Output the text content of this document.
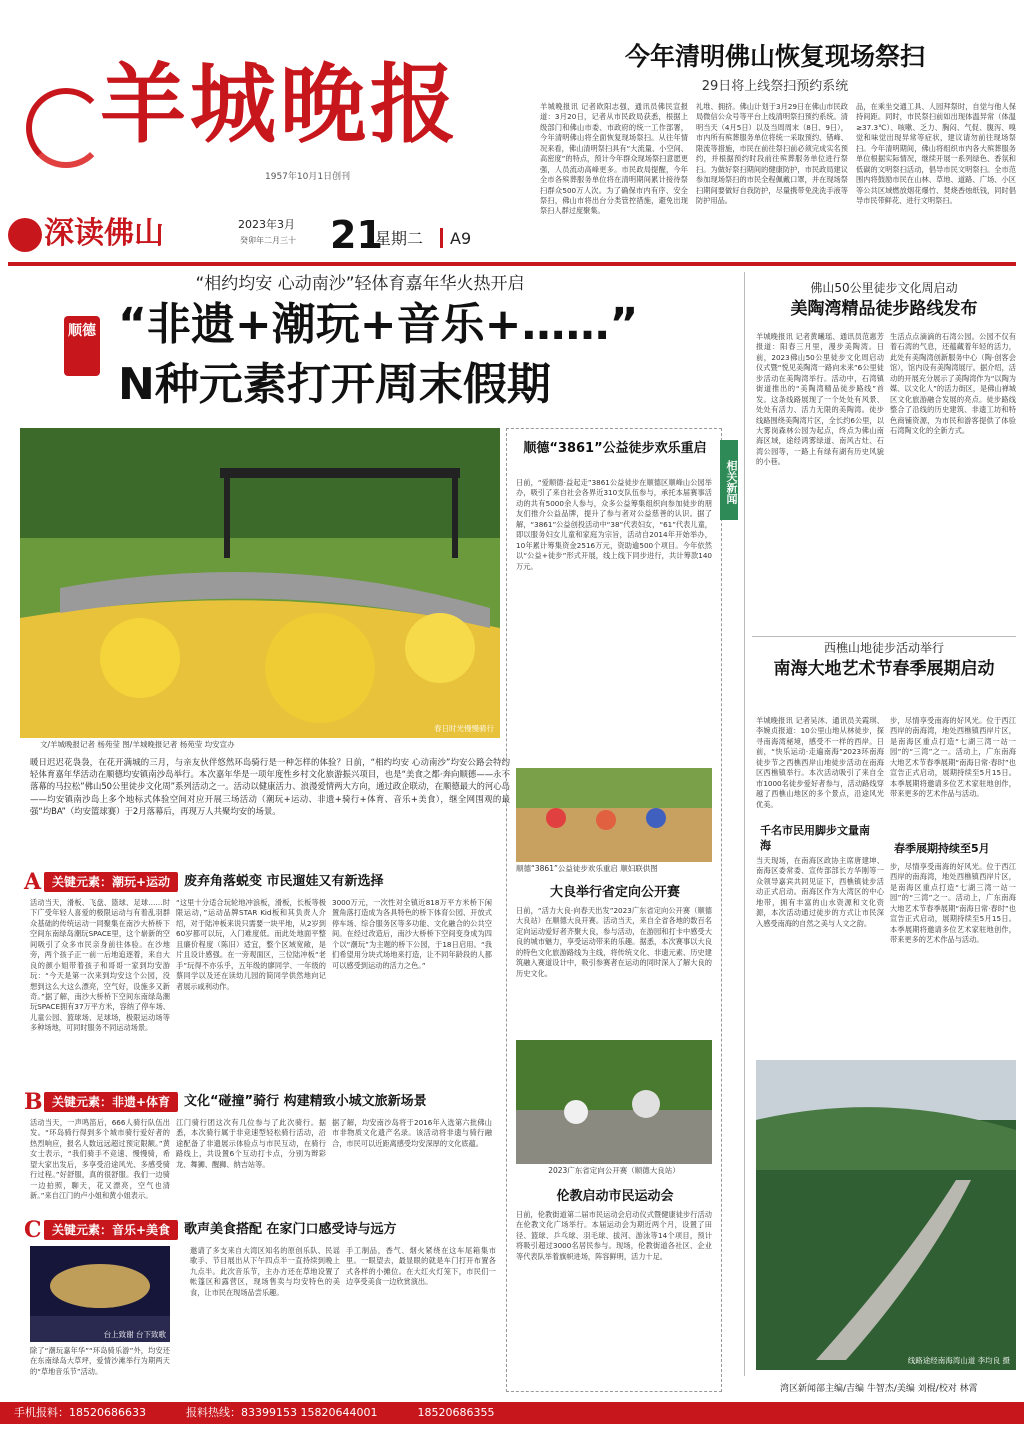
羊城晚报
1957年10月1日创刊
今年清明佛山恢复现场祭扫
29日将上线祭扫预约系统
羊城晚报讯 记者欧阳志强，通讯员佛民宣报道：3月20日，记者从市民政局获悉，根据上级部门和佛山市委、市政府的统一工作部署，今年清明佛山将全面恢复现场祭扫。从往年情况来看，佛山清明祭扫具有“大流量、小空间、高密度”的特点，预计今年群众现场祭扫意愿更强，人员流动高峰更多。市民政局提醒，今年全市各殡葬服务单位将在清明期间累计接待祭扫群众500万人次。为了确保市内有序、安全祭扫，佛山市将出台分类管控措施，避免出现祭扫人群过度聚集。
礼堆、拥挤。佛山计划于3月29日在佛山市民政局微信公众号等平台上线清明祭扫预约系统。清明当天（4月5日）以及当周周末（8日、9日），市内所有殡葬服务单位将统一采取预约、错峰、限流等措施，市民在前往祭扫前必须完成实名预约，并根据预约时段前往殡葬服务单位进行祭扫。为做好祭扫期间的健康防护，市民政局建议参加现场祭扫的市民全程佩戴口罩，并在现场祭扫期间要做好自我防护，尽量携带免洗洗手液等防护用品。
品，在乘坐交通工具、人园拜祭时，自觉与他人保持间距。同时，市民祭扫前如出现体温异常（体温≥37.3℃）、咳嗽、乏力、胸闷、气促、腹泻、嗅觉和味觉出现异常等症状，建议请勿前往现场祭扫。今年清明期间，佛山将组织市内各大殡葬服务单位根据实际情况，继续开展一系列绿色、香氛和低碳的文明祭扫活动，倡导市民文明祭扫。全市范围内将鼓励市民在山林、草地、道路、广场、小区等公共区域燃放烟花爆竹、焚烧香烛纸钱，同时倡导市民带鲜花、进行文明祭扫。
深读佛山	2023年3月
癸卯年二月三十 21
星期二 A9
“相约均安 心动南沙”轻体育嘉年华火热开启
顺德 “非遗+潮玩+音乐+……”
N种元素打开周末假期
春日时光慢慢骑行
文/羊城晚报记者 杨苑莹 图/羊城晚报记者 杨苑莹 均安宣办
暖日迟迟花袅袅，在花开满城的三月，与亲友伙伴悠然环岛骑行是一种怎样的体验？日前，“相约均安 心动南沙”均安公路会特约轻体育嘉年华活动在顺德均安镇南沙岛举行。本次嘉年华是一项年度性乡村文化旅游振兴项目，也是“美食之都·奔向顺德——永不落幕的马拉松”佛山50公里徒步文化周”系列活动之一。活动以健康活力、浪漫爱情两大方向，通过政企联动，在顺德最大的河心岛——均安镇南沙岛上多个地标式体验空间对应开展三场活动（潮玩+运动、非遗+骑行+体育、音乐+美食），继全网围观的最强“均BA”（均安篮球赛）于2月落幕后，再现万人共聚均安的场景。
A 关键元素：潮玩+运动	废弃角落蜕变 市民遛娃又有新选择
活动当天，滑板、飞盘、篮球、足球……时下广受年轻人喜爱的极限运动与有着乱羽群众基础的传统运动一同聚集在南沙大桥桥下空间东南绿岛潮玩SPACE里，这个崭新的空间吸引了众多市民亲身前往体验。在沙地旁，两个孩子正一前一后地追逐着，来自大良的颜小姐带着孩子和哥哥一家到均安游玩：“今天是第一次来到均安这个公园，没想到这么大这么漂亮，空气好，设施多又新奇。”据了解，南沙大桥桥下空间东南绿岛潮玩SPACE拥有37万平方米，容纳了停车场、儿童公园、篮球场、足球场，极限运动场等多种场地，可同时服务不同运动场景。
“这里十分适合玩轮地冲浪板，滑板，长板等极限运动，”运动品牌STAR Kid板和其负责人介绍，对于陆冲板来说只需要一块平地，从2岁到60岁都可以玩，入门难度低。而此处地面平整且廉价程度（陈旧）适宜，整个区域宽敞，是片且设计感强。在一旁观面区，三位陆冲板“老手”玩得不亦乐乎，五年级的廖同学、一年级的蔡同学以及还在读幼儿园的简同学供然地向记者展示咸利动作。
3000万元，一次性对全镇近818万平方米桥下闲置角落打造成为各具特色的桥下体育公园、开放式停车场、综合服务区等多功能、文化融合的公共空间。在经过改造后，南沙大桥桥下空间变身成为四个以“潮玩”为主题的桥下公园，于18日启用。“我们希望用分块式场地来打造，让不同年龄段的人都可以感受到运动的活力之色。”
B 关键元素：非遗+体育	文化“碰撞”骑行 构建精致小城文旅新场景
活动当天，一声鸣笛后，666人骑行队伍出发。“环岛骑行得到多个城市骑行爱好者的热烈响应，报名人数远远超过预定限额。”黄女士表示，“我们骑手不竞速、慢慢骑，希望大家出发后，多享受沿途风光、多感受骑行过程。”好舒服，真的很舒服。我们一边骑一边拍照，聊天，花又漂亮，空气也清新。”来自江门的卢小姐和黄小姐表示。
江门骑行团这次有几位参与了此次骑行。据悉，本次骑行属于非竞速型轻松骑行活动，沿途配备了非遗展示体验点与市民互动，在骑行路线上，共设置6个互动打卡点，分别为辫彩龙、舞狮、醒狮、纳吉站等。
据了解，均安南沙岛将于2016年入选第六批佛山市非物质文化遗产名录。该活动将非遗与骑行融合，市民可以近距离感受均安深厚的文化底蕴。
C 关键元素：音乐+美食	歌声美食搭配 在家门口感受诗与远方
台上致谢 台下致歌
除了“潮玩嘉年华”“环岛骑乐游”外，均安还在东南绿岛大草坪，爱情沙滩举行为期两天的“草地音乐节”活动。
邀请了多支来自大湾区知名的原创乐队、民谣歌手、节目展出从下午四点半一直持续到晚上九点半。此次音乐节，主办方还在草地设置了帐篷区和露营区，现场售卖与均安特色的美食，让市民在现场品尝乐趣。
手工制品，香气、烟火紧绕在这车尾箱集市里。一眼望去，最显眼的就是车门打开布置各式各样的小摊位。在大红火灯笼下，市民们一边享受美食一边欣赏演出。
相关新闻
顺德“3861”公益徒步欢乐重启
日前，“爱顺德·益起走”3861公益徒步在顺德区顺峰山公园举办，吸引了来自社会各界近310支队伍参与，承托本届赛事活动的共有5000余人参与，众多公益筹集组织向参加徒步的朋友们推介公益品牌，提升了参与者对公益慈善的认识。据了解，“3861”公益创投活动中“38”代表妇女，“61”代表儿童，即以服务妇女儿童和家庭为宗旨，活动自2014年开始举办，10年累计筹集资金2516万元，资助逾500个项目。今年依然以“公益+徒步”形式开展，线上线下同步进行，共计筹款140万元。
顺德“3861”公益徒步欢乐重启 顺妇联供图
大良举行省定向公开赛
日前，“活力大良·向春天出发”2023广东省定向公开赛（顺德大良站）在顺德大良开赛。活动当天，来自全省各地的数百名定向运动爱好者齐聚大良，参与活动，在游园和打卡中感受大良的城市魅力，享受运动带来的乐趣。据悉，本次赛事以大良的特色文化旅游路线为主线，将传统文化、非遗元素、历史建筑融入赛道设计中，吸引参赛者在运动的同时深入了解大良的历史文化。
2023广东省定向公开赛（顺德大良站）
伦教启动市民运动会
日前，伦教街道第二届市民运动会启动仪式暨健康徒步行活动在伦教文化广场举行。本届运动会为期近两个月，设置了田径、篮球、乒乓球、羽毛球、拔河、游泳等14个项目，预计将吸引超过3000名居民参与。现场，伦教街道各社区、企业等代表队举着旗帜进场，阵容鲜明，活力十足。
佛山50公里徒步文化周启动
美陶湾精品徒步路线发布
羊城晚报讯 记者黄曦瑶、通讯员范惠芳报道：阳春三月里，漫步美陶湾。日前，2023佛山50公里徒步文化周启动仪式暨“悦见美陶湾一路向未来”6公里徒步活动在美陶湾举行。活动中，石湾镇街道推出的“美陶湾精品徒步路线”首发。这条线路展现了一个处处有风景、处处有活力、活力无限的美陶湾。徒步线路围绕美陶湾片区，全长约6公里，以大雾岗森林公园为起点，终点为佛山南海区域，途经鸿雾绿道、南风古灶、石湾公园等，一路上有绿有湖有历史风貌的小巷。
生活点点滴滴的石湾公园。公园不仅有着石湾的气息，还蕴藏着年轻的活力，此处有美陶湾创新服务中心（陶·创客会馆），馆内设有美陶湾展厅。据介绍，活动的开展充分展示了美陶湾作为“以陶为媒、以文化人”的活力街区，是佛山禅城区文化旅游融合发展的亮点。徒步路线整合了沿线的历史建筑、非遗工坊和特色商铺资源，为市民和游客提供了体验石湾陶文化的全新方式。
西樵山地徒步活动举行
南海大地艺术节春季展期启动
羊城晚报讯 记者吴沐、通讯员关霞琪、李婉贞报道：10公里山地从林徒步，探寻南海湾秘境，感受不一样的西岸。日前，“快乐运动·走遍南海”2023环南海徒步节之西樵西岸山地徒步活动在南海区西樵镇举行。本次活动吸引了来自全市1000名徒步爱好者参与，活动路线穿越了西樵山地区的多个景点，沿途风光优美。
千名市民用脚步文量南海
当天现场，在南海区政协主席唐建坤、南海区委常委、宣传部部长方华刚等一众领导嘉宾共同见证下，西樵镇徒步活动正式启动。南海区作为大湾区的中心地带，拥有丰富的山水资源和文化资源，本次活动通过徒步的方式让市民深入感受南海的自然之美与人文之韵。
步，尽情享受南海的好风光。位于西江西岸的南海湾，地处西樵镇西岸片区，是南海区重点打造“七湖三湾一站一园”的“三湾”之一。活动上，广东南海大地艺术节春季展期“南海日常·春时”也宣告正式启动，展期持续至5月15日。本季展期将邀请多位艺术家驻地创作，带来更多的艺术作品与活动。
春季展期持续至5月
步，尽情享受南海的好风光。位于西江西岸的南海湾，地处西樵镇西岸片区，是南海区重点打造“七湖三湾一站一园”的“三湾”之一。活动上，广东南海大地艺术节春季展期“南海日常·春时”也宣告正式启动，展期持续至5月15日。本季展期将邀请多位艺术家驻地创作，带来更多的艺术作品与活动。
线路途经南海湾山道 李均良 摄
湾区新闻部主编/吉编 牛智杰/美编 刘棍/校对 林霄
手机报料：18520686633	报料热线：83399153 15820644001	18520686355
